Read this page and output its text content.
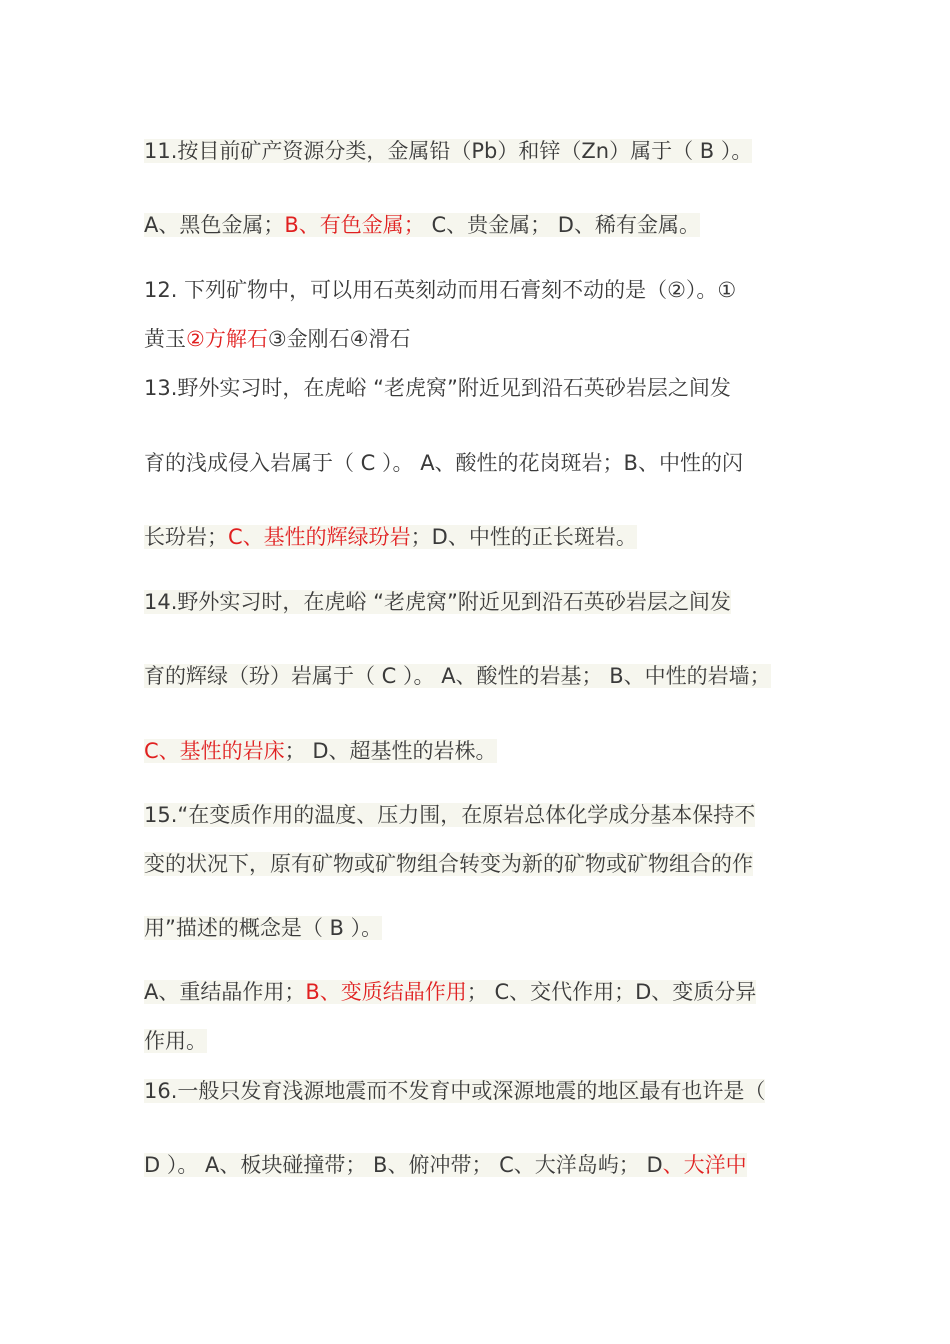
11.按目前矿产资源分类，金属铅（Pb）和锌（Zn）属于（ B ）。
A、黑色金属；B、有色金属； C、贵金属； D、稀有金属。
12. 下列矿物中，可以用石英刻动而用石膏刻不动的是（②）。①
黄玉②方解石③金刚石④滑石
13.野外实习时，在虎峪 “老虎窝”附近见到沿石英砂岩层之间发
育的浅成侵入岩属于（ C ）。 A、酸性的花岗斑岩；B、中性的闪
长玢岩；C、基性的辉绿玢岩；D、中性的正长斑岩。
14.野外实习时，在虎峪 “老虎窝”附近见到沿石英砂岩层之间发
育的辉绿（玢）岩属于（ C ）。 A、酸性的岩基； B、中性的岩墙；
C、基性的岩床； D、超基性的岩株。
15.“在变质作用的温度、压力围，在原岩总体化学成分基本保持不
变的状况下，原有矿物或矿物组合转变为新的矿物或矿物组合的作
用”描述的概念是（ B ）。
A、重结晶作用；B、变质结晶作用； C、交代作用；D、变质分异
作用。
16.一般只发育浅源地震而不发育中或深源地震的地区最有也许是（
D ）。 A、板块碰撞带； B、俯冲带； C、大洋岛屿； D、大洋中
